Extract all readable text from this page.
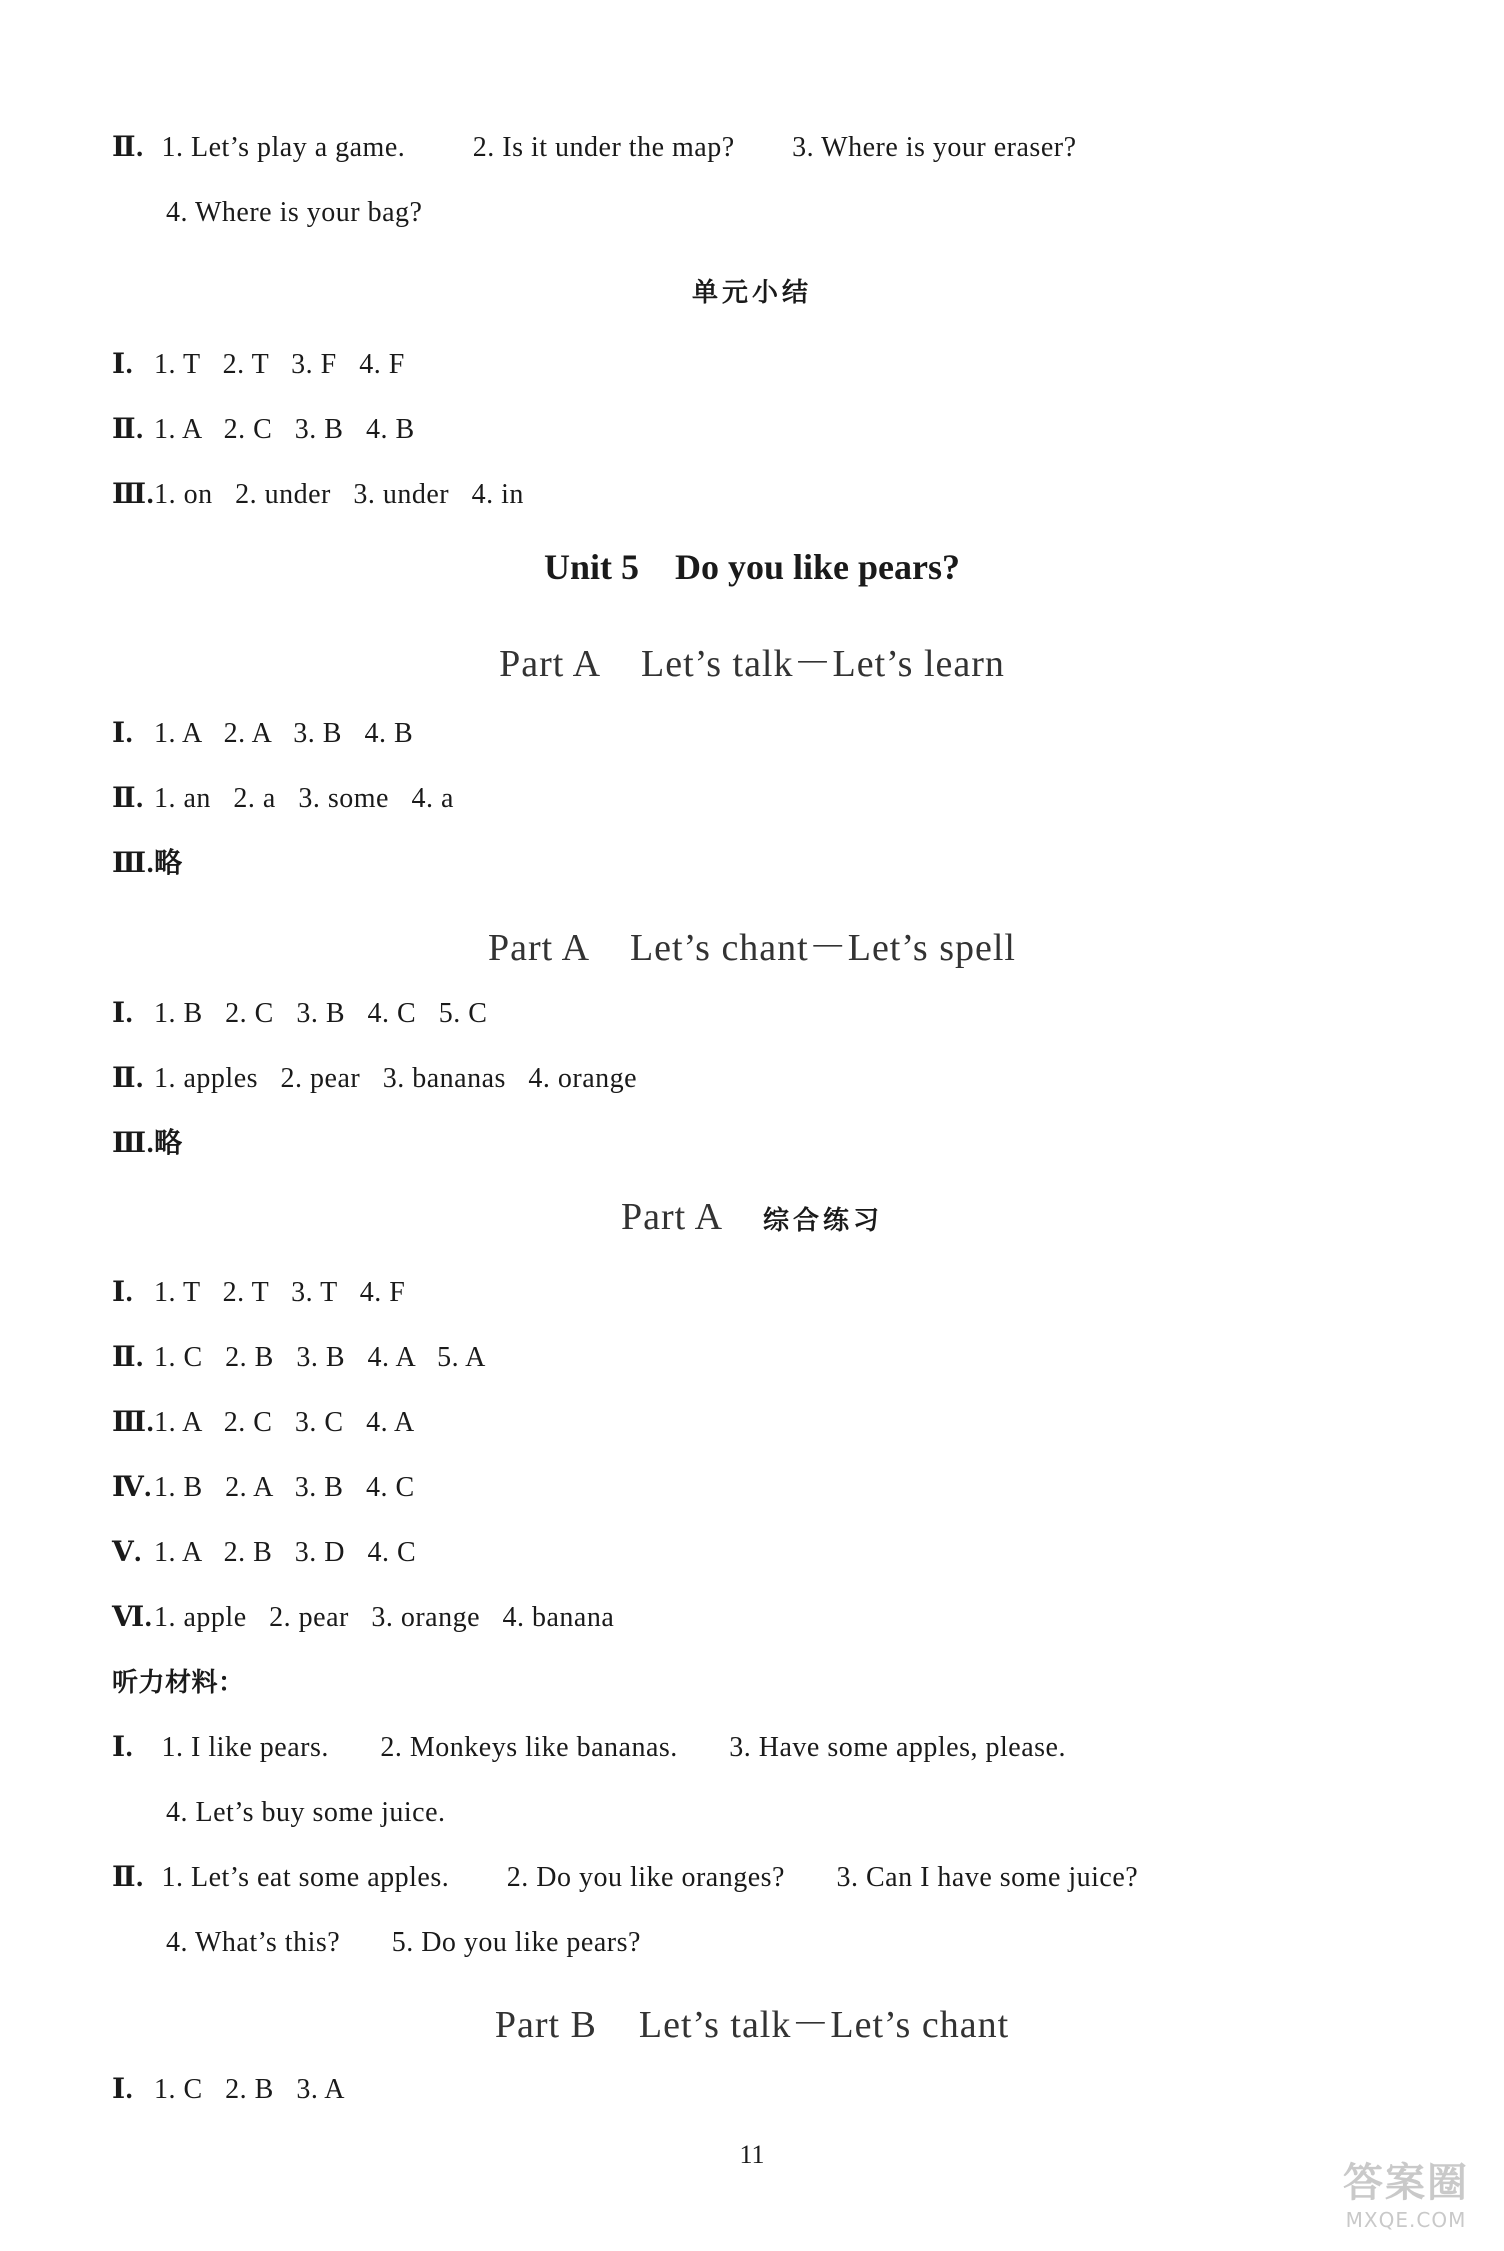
Ⅱ. 1. Let’s play a game. 2. Is it under the map? 3. Where is your eraser?
4. Where is your bag?
单元小结
Ⅰ. 1. T   2. T   3. F   4. F
Ⅱ. 1. A   2. C   3. B   4. B
Ⅲ.1. on   2. under   3. under   4. in
Unit 5    Do you like pears?
Part A    Let’s talk－Let’s learn
Ⅰ. 1. A   2. A   3. B   4. B
Ⅱ. 1. an   2. a   3. some   4. a
Ⅲ.略
Part A    Let’s chant－Let’s spell
Ⅰ. 1. B   2. C   3. B   4. C   5. C
Ⅱ. 1. apples   2. pear   3. bananas   4. orange
Ⅲ.略
Part A 综合练习
Ⅰ. 1. T   2. T   3. T   4. F
Ⅱ. 1. C   2. B   3. B   4. A   5. A
Ⅲ.1. A   2. C   3. C   4. A
Ⅳ.1. B   2. A   3. B   4. C
Ⅴ. 1. A   2. B   3. D   4. C
Ⅵ.1. apple   2. pear   3. orange   4. banana
听力材料：
Ⅰ. 1. I like pears. 2. Monkeys like bananas. 3. Have some apples, please.
4. Let’s buy some juice.
Ⅱ. 1. Let’s eat some apples. 2. Do you like oranges? 3. Can I have some juice?
4. What’s this? 5. Do you like pears?
Part B    Let’s talk－Let’s chant
Ⅰ. 1. C   2. B   3. A
11
答案圈
MXQE.COM
